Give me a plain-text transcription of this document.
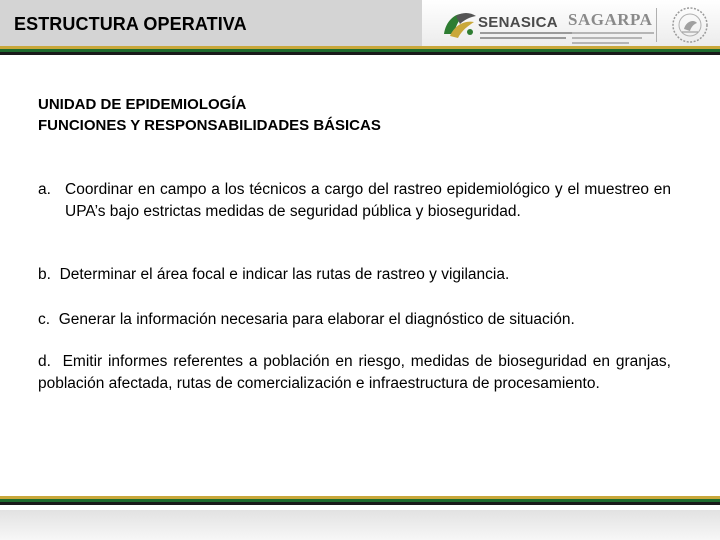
ESTRUCTURA OPERATIVA	SENASICA SAGARPA
UNIDAD DE EPIDEMIOLOGÍA
FUNCIONES Y RESPONSABILIDADES BÁSICAS
a. Coordinar en campo a los técnicos a cargo del rastreo epidemiológico y el muestreo en UPA’s bajo estrictas medidas de seguridad pública y bioseguridad.
b. Determinar el área focal e indicar las rutas de rastreo y vigilancia.
c. Generar la información necesaria para elaborar el diagnóstico de situación.
d. Emitir informes referentes a población en riesgo, medidas de bioseguridad en granjas, población afectada, rutas de comercialización e infraestructura de procesamiento.
